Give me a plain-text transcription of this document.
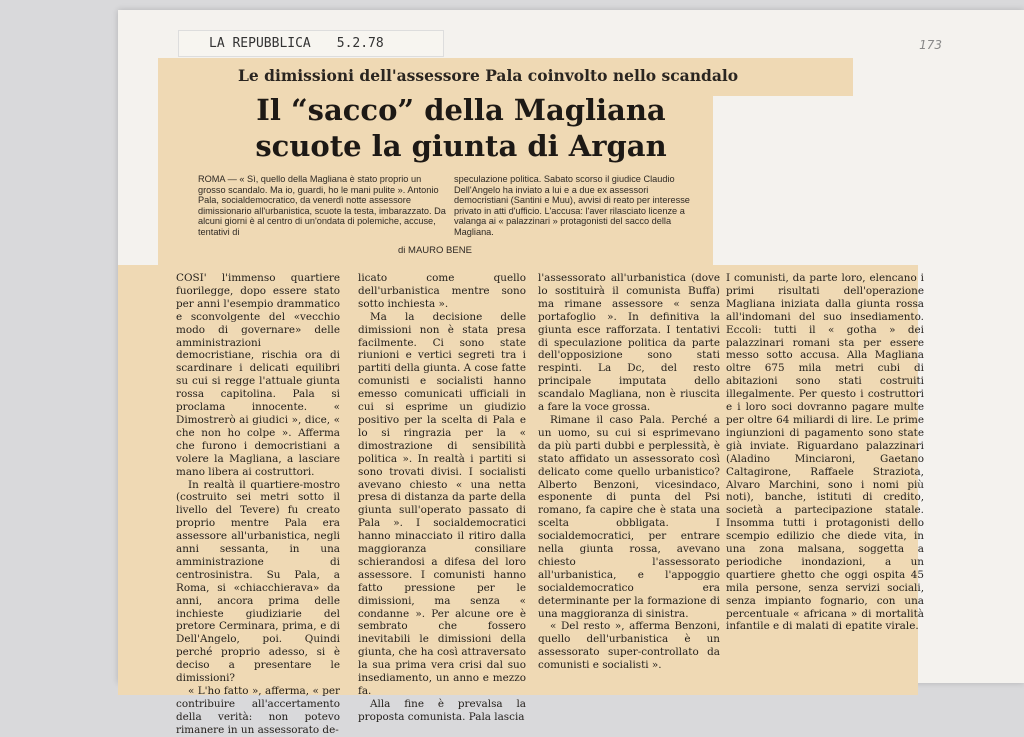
LA REPUBBLICA 5.2.78	173
Le dimissioni dell'assessore Pala coinvolto nello scandalo
Il “sacco” della Magliana
scuote la giunta di Argan
ROMA — « Sì, quello della Magliana è stato proprio un grosso scandalo. Ma io, guardi, ho le mani pulite ». Antonio Pala, socialdemocratico, da venerdì notte assessore dimissionario all'urbanistica, scuote la testa, imbarazzato. Da alcuni giorni è al centro di un'ondata di polemiche, accuse, tentativi di
speculazione politica. Sabato scorso il giudice Claudio Dell'Angelo ha inviato a lui e a due ex assessori democristiani (Santini e Muu), avvisi di reato per interesse privato in atti d'ufficio. L'accusa: l'aver rilasciato licenze a valanga ai « palazzinari » protagonisti del sacco della Magliana.
di MAURO BENE

COSI' l'immenso quartiere fuorilegge, dopo essere stato per anni l'esempio drammatico e sconvolgente del «vecchio modo di governare» delle amministrazioni democristiane, rischia ora di scardinare i delicati equilibri su cui si regge l'attuale giunta rossa capitolina. Pala si proclama innocente. « Dimostrerò ai giudici », dice, « che non ho colpe ». Afferma che furono i democristiani a volere la Magliana, a lasciare mano libera ai costruttori.

In realtà il quartiere-mostro (costruito sei metri sotto il livello del Tevere) fu creato proprio mentre Pala era assessore all'urbanistica, negli anni sessanta, in una amministrazione di centrosinistra. Su Pala, a Roma, si «chiacchierava» da anni, ancora prima delle inchieste giudiziarie del pretore Cerminara, prima, e di Dell'Angelo, poi. Quindi perché proprio adesso, si è deciso a presentare le dimissioni?

« L'ho fatto », afferma, « per contribuire all'accertamento della verità: non potevo rimanere in un assessorato de-

licato come quello dell'urbanistica mentre sono sotto inchiesta ».

Ma la decisione delle dimissioni non è stata presa facilmente. Ci sono state riunioni e vertici segreti tra i partiti della giunta. A cose fatte comunisti e socialisti hanno emesso comunicati ufficiali in cui si esprime un giudizio positivo per la scelta di Pala e lo si ringrazia per la « dimostrazione di sensibilità politica ». In realtà i partiti si sono trovati divisi. I socialisti avevano chiesto « una netta presa di distanza da parte della giunta sull'operato passato di Pala ». I socialdemocratici hanno minacciato il ritiro dalla maggioranza consiliare schierandosi a difesa del loro assessore. I comunisti hanno fatto pressione per le dimissioni, ma senza « condanne ». Per alcune ore è sembrato che fossero inevitabili le dimissioni della giunta, che ha così attraversato la sua prima vera crisi dal suo insediamento, un anno e mezzo fa.

Alla fine è prevalsa la proposta comunista. Pala lascia

l'assessorato all'urbanistica (dove lo sostituirà il comunista Buffa) ma rimane assessore « senza portafoglio ». In definitiva la giunta esce rafforzata. I tentativi di speculazione politica da parte dell'opposizione sono stati respinti. La Dc, del resto principale imputata dello scandalo Magliana, non è riuscita a fare la voce grossa.

Rimane il caso Pala. Perché a un uomo, su cui si esprimevano da più parti dubbi e perplessità, è stato affidato un assessorato così delicato come quello urbanistico? Alberto Benzoni, vicesindaco, esponente di punta del Psi romano, fa capire che è stata una scelta obbligata. I socialdemocratici, per entrare nella giunta rossa, avevano chiesto l'assessorato all'urbanistica, e l'appoggio socialdemocratico era determinante per la formazione di una maggioranza di sinistra.

« Del resto », afferma Benzoni, quello dell'urbanistica è un assessorato super-controllato da comunisti e socialisti ».

I comunisti, da parte loro, elencano i primi risultati dell'operazione Magliana iniziata dalla giunta rossa all'indomani del suo insediamento. Eccoli: tutti il « gotha » dei palazzinari romani sta per essere messo sotto accusa. Alla Magliana oltre 675 mila metri cubi di abitazioni sono stati costruiti illegalmente. Per questo i costruttori e i loro soci dovranno pagare multe per oltre 64 miliardi di lire. Le prime ingiunzioni di pagamento sono state già inviate. Riguardano palazzinari (Aladino Minciaroni, Gaetano Caltagirone, Raffaele Straziota, Alvaro Marchini, sono i nomi più noti), banche, istituti di credito, società a partecipazione statale. Insomma tutti i protagonisti dello scempio edilizio che diede vita, in una zona malsana, soggetta a periodiche inondazioni, a un quartiere ghetto che oggi ospita 45 mila persone, senza servizi sociali, senza impianto fognario, con una percentuale « africana » di mortalità infantile e di malati di epatite virale.
